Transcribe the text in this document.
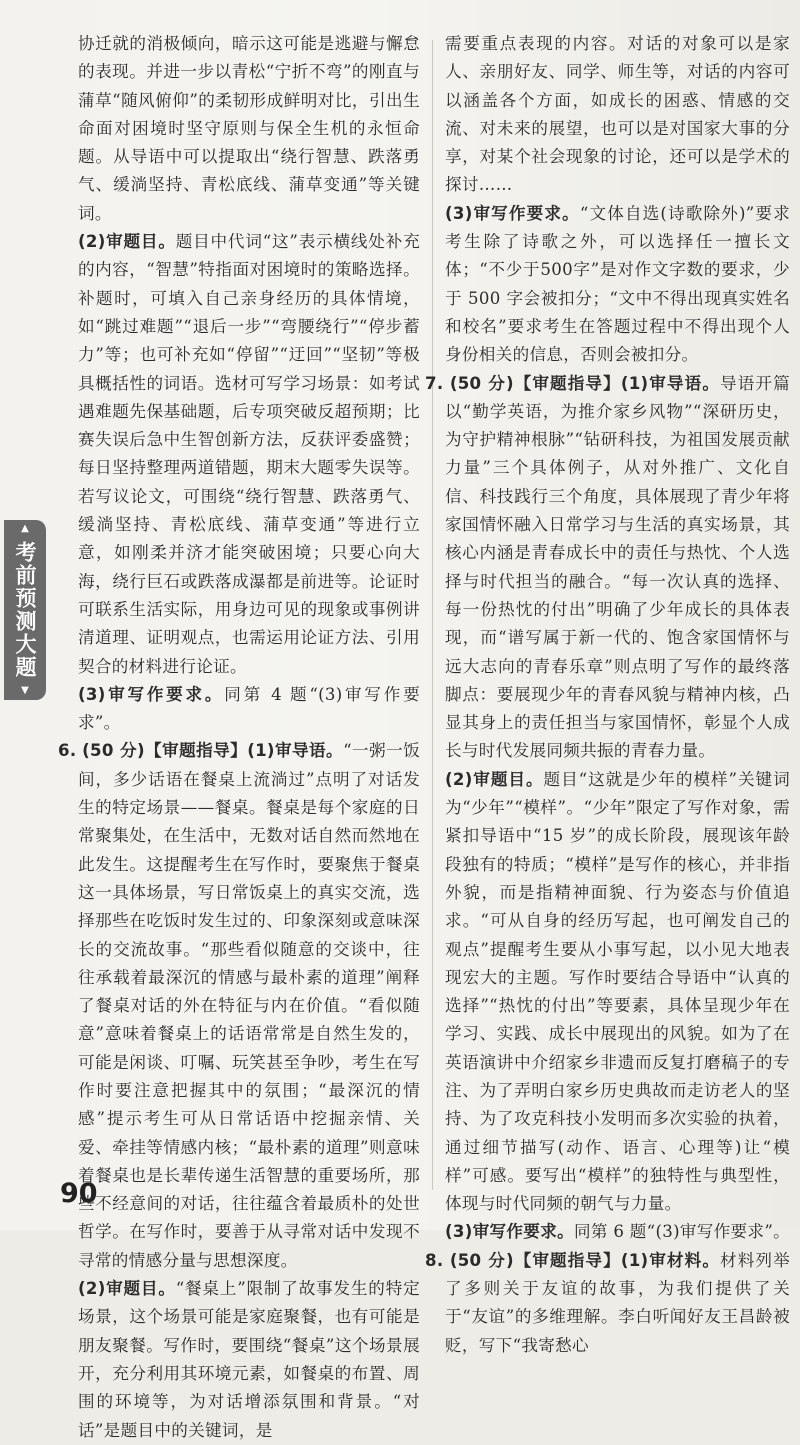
协迁就的消极倾向，暗示这可能是逃避与懈怠的表现。并进一步以青松“宁折不弯”的刚直与蒲草“随风俯仰”的柔韧形成鲜明对比，引出生命面对困境时坚守原则与保全生机的永恒命题。从导语中可以提取出“绕行智慧、跌落勇气、缓淌坚持、青松底线、蒲草变通”等关键词。

(2)审题目。题目中代词“这”表示横线处补充的内容，“智慧”特指面对困境时的策略选择。补题时，可填入自己亲身经历的具体情境，如“跳过难题”“退后一步”“弯腰绕行”“停步蓄力”等；也可补充如“停留”“迂回”“坚韧”等极具概括性的词语。选材可写学习场景：如考试遇难题先保基础题，后专项突破反超预期；比赛失误后急中生智创新方法，反获评委盛赞；每日坚持整理两道错题，期末大题零失误等。若写议论文，可围绕“绕行智慧、跌落勇气、缓淌坚持、青松底线、蒲草变通”等进行立意，如刚柔并济才能突破困境；只要心向大海，绕行巨石或跌落成瀑都是前进等。论证时可联系生活实际，用身边可见的现象或事例讲清道理、证明观点，也需运用论证方法、引用契合的材料进行论证。

(3)审写作要求。同第 4 题“(3)审写作要求”。

6. (50 分)【审题指导】(1)审导语。“一粥一饭间，多少话语在餐桌上流淌过”点明了对话发生的特定场景——餐桌。餐桌是每个家庭的日常聚集处，在生活中，无数对话自然而然地在此发生。这提醒考生在写作时，要聚焦于餐桌这一具体场景，写日常饭桌上的真实交流，选择那些在吃饭时发生过的、印象深刻或意味深长的交流故事。“那些看似随意的交谈中，往往承载着最深沉的情感与最朴素的道理”阐释了餐桌对话的外在特征与内在价值。“看似随意”意味着餐桌上的话语常常是自然生发的，可能是闲谈、叮嘱、玩笑甚至争吵，考生在写作时要注意把握其中的氛围；“最深沉的情感”提示考生可从日常话语中挖掘亲情、关爱、牵挂等情感内核；“最朴素的道理”则意味着餐桌也是长辈传递生活智慧的重要场所，那些不经意间的对话，往往蕴含着最质朴的处世哲学。在写作时，要善于从寻常对话中发现不寻常的情感分量与思想深度。

(2)审题目。“餐桌上”限制了故事发生的特定场景，这个场景可能是家庭聚餐，也有可能是朋友聚餐。写作时，要围绕“餐桌”这个场景展开，充分利用其环境元素，如餐桌的布置、周围的环境等，为对话增添氛围和背景。“对话”是题目中的关键词，是

需要重点表现的内容。对话的对象可以是家人、亲朋好友、同学、师生等，对话的内容可以涵盖各个方面，如成长的困惑、情感的交流、对未来的展望，也可以是对国家大事的分享，对某个社会现象的讨论，还可以是学术的探讨……

(3)审写作要求。“文体自选(诗歌除外)”要求考生除了诗歌之外，可以选择任一擅长文体；“不少于500字”是对作文字数的要求，少于 500 字会被扣分；“文中不得出现真实姓名和校名”要求考生在答题过程中不得出现个人身份相关的信息，否则会被扣分。

7. (50 分)【审题指导】(1)审导语。导语开篇以“勤学英语，为推介家乡风物”“深研历史，为守护精神根脉”“钻研科技，为祖国发展贡献力量”三个具体例子，从对外推广、文化自信、科技践行三个角度，具体展现了青少年将家国情怀融入日常学习与生活的真实场景，其核心内涵是青春成长中的责任与热忱、个人选择与时代担当的融合。“每一次认真的选择、每一份热忱的付出”明确了少年成长的具体表现，而“谱写属于新一代的、饱含家国情怀与远大志向的青春乐章”则点明了写作的最终落脚点：要展现少年的青春风貌与精神内核，凸显其身上的责任担当与家国情怀，彰显个人成长与时代发展同频共振的青春力量。

(2)审题目。题目“这就是少年的模样”关键词为“少年”“模样”。“少年”限定了写作对象，需紧扣导语中“15 岁”的成长阶段，展现该年龄段独有的特质；“模样”是写作的核心，并非指外貌，而是指精神面貌、行为姿态与价值追求。“可从自身的经历写起，也可阐发自己的观点”提醒考生要从小事写起，以小见大地表现宏大的主题。写作时要结合导语中“认真的选择”“热忱的付出”等要素，具体呈现少年在学习、实践、成长中展现出的风貌。如为了在英语演讲中介绍家乡非遗而反复打磨稿子的专注、为了弄明白家乡历史典故而走访老人的坚持、为了攻克科技小发明而多次实验的执着，通过细节描写(动作、语言、心理等)让“模样”可感。要写出“模样”的独特性与典型性，体现与时代同频的朝气与力量。

(3)审写作要求。同第 6 题“(3)审写作要求”。

8. (50 分)【审题指导】(1)审材料。材料列举了多则关于友谊的故事，为我们提供了关于“友谊”的多维理解。李白听闻好友王昌龄被贬，写下“我寄愁心

▲
考前预测大题
▼
90
